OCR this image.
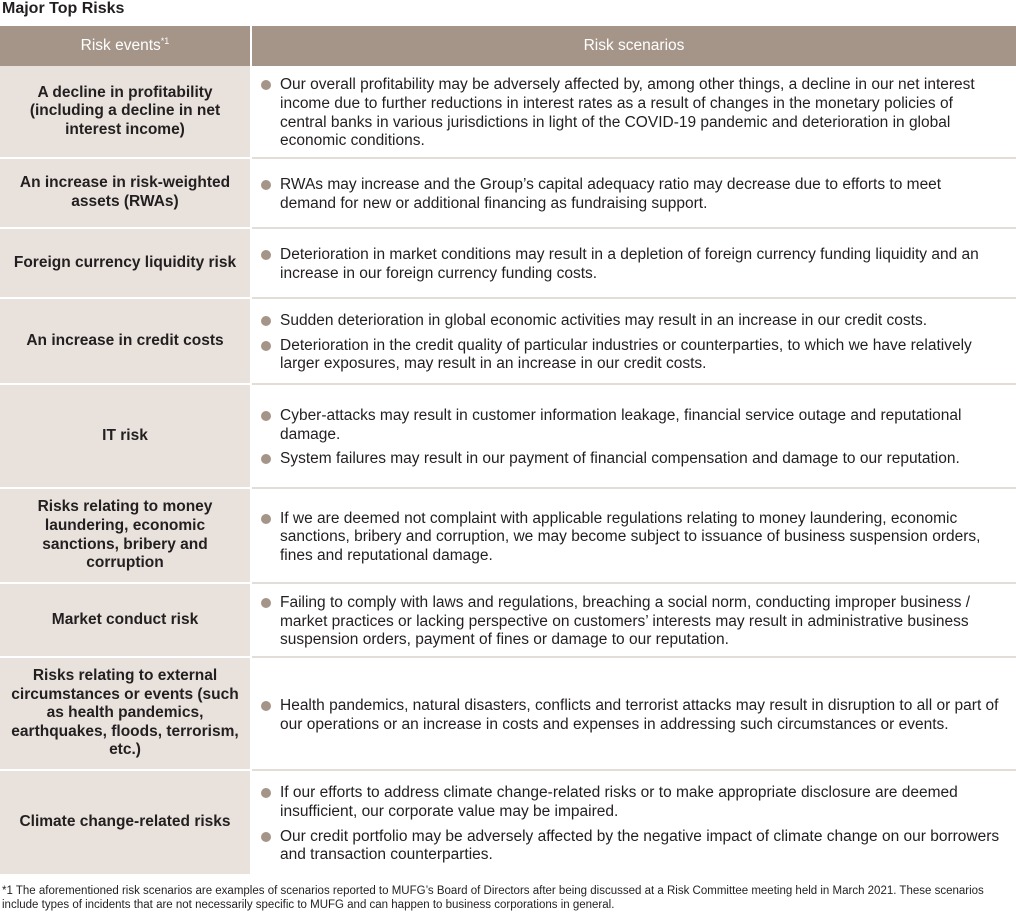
Major Top Risks
Risk events$^{*1}$	Risk scenarios
A decline in profitability (including a decline in net interest income)	Our overall profitability may be adversely affected by, among other things, a decline in our net interest income due to further reductions in interest rates as a result of changes in the monetary policies of central banks in various jurisdictions in light of the COVID-19 pandemic and deterioration in global economic conditions.

An increase in risk-weighted assets (RWAs)	RWAs may increase and the Group’s capital adequacy ratio may decrease due to efforts to meet demand for new or additional financing as fundraising support.

Foreign currency liquidity risk	Deterioration in market conditions may result in a depletion of foreign currency funding liquidity and an increase in our foreign currency funding costs.

An increase in credit costs	Sudden deterioration in global economic activities may result in an increase in our credit costs.
Deterioration in the credit quality of particular industries or counterparties, to which we have relatively larger exposures, may result in an increase in our credit costs.

IT risk	Cyber-attacks may result in customer information leakage, financial service outage and reputational damage.
System failures may result in our payment of financial compensation and damage to our reputation.

Risks relating to money laundering, economic sanctions, bribery and corruption	If we are deemed not complaint with applicable regulations relating to money laundering, economic sanctions, bribery and corruption, we may become subject to issuance of business suspension orders, fines and reputational damage.

Market conduct risk	Failing to comply with laws and regulations, breaching a social norm, conducting improper business / market practices or lacking perspective on customers’ interests may result in administrative business suspension orders, payment of fines or damage to our reputation.

Risks relating to external circumstances or events (such as health pandemics, earthquakes, floods, terrorism, etc.)	Health pandemics, natural disasters, conflicts and terrorist attacks may result in disruption to all or part of our operations or an increase in costs and expenses in addressing such circumstances or events.

Climate change-related risks	If our efforts to address climate change-related risks or to make appropriate disclosure are deemed insufficient, our corporate value may be impaired.
Our credit portfolio may be adversely affected by the negative impact of climate change on our borrowers and transaction counterparties.
*1 The aforementioned risk scenarios are examples of scenarios reported to MUFG’s Board of Directors after being discussed at a Risk Committee meeting held in March 2021. These scenarios include types of incidents that are not necessarily specific to MUFG and can happen to business corporations in general.
